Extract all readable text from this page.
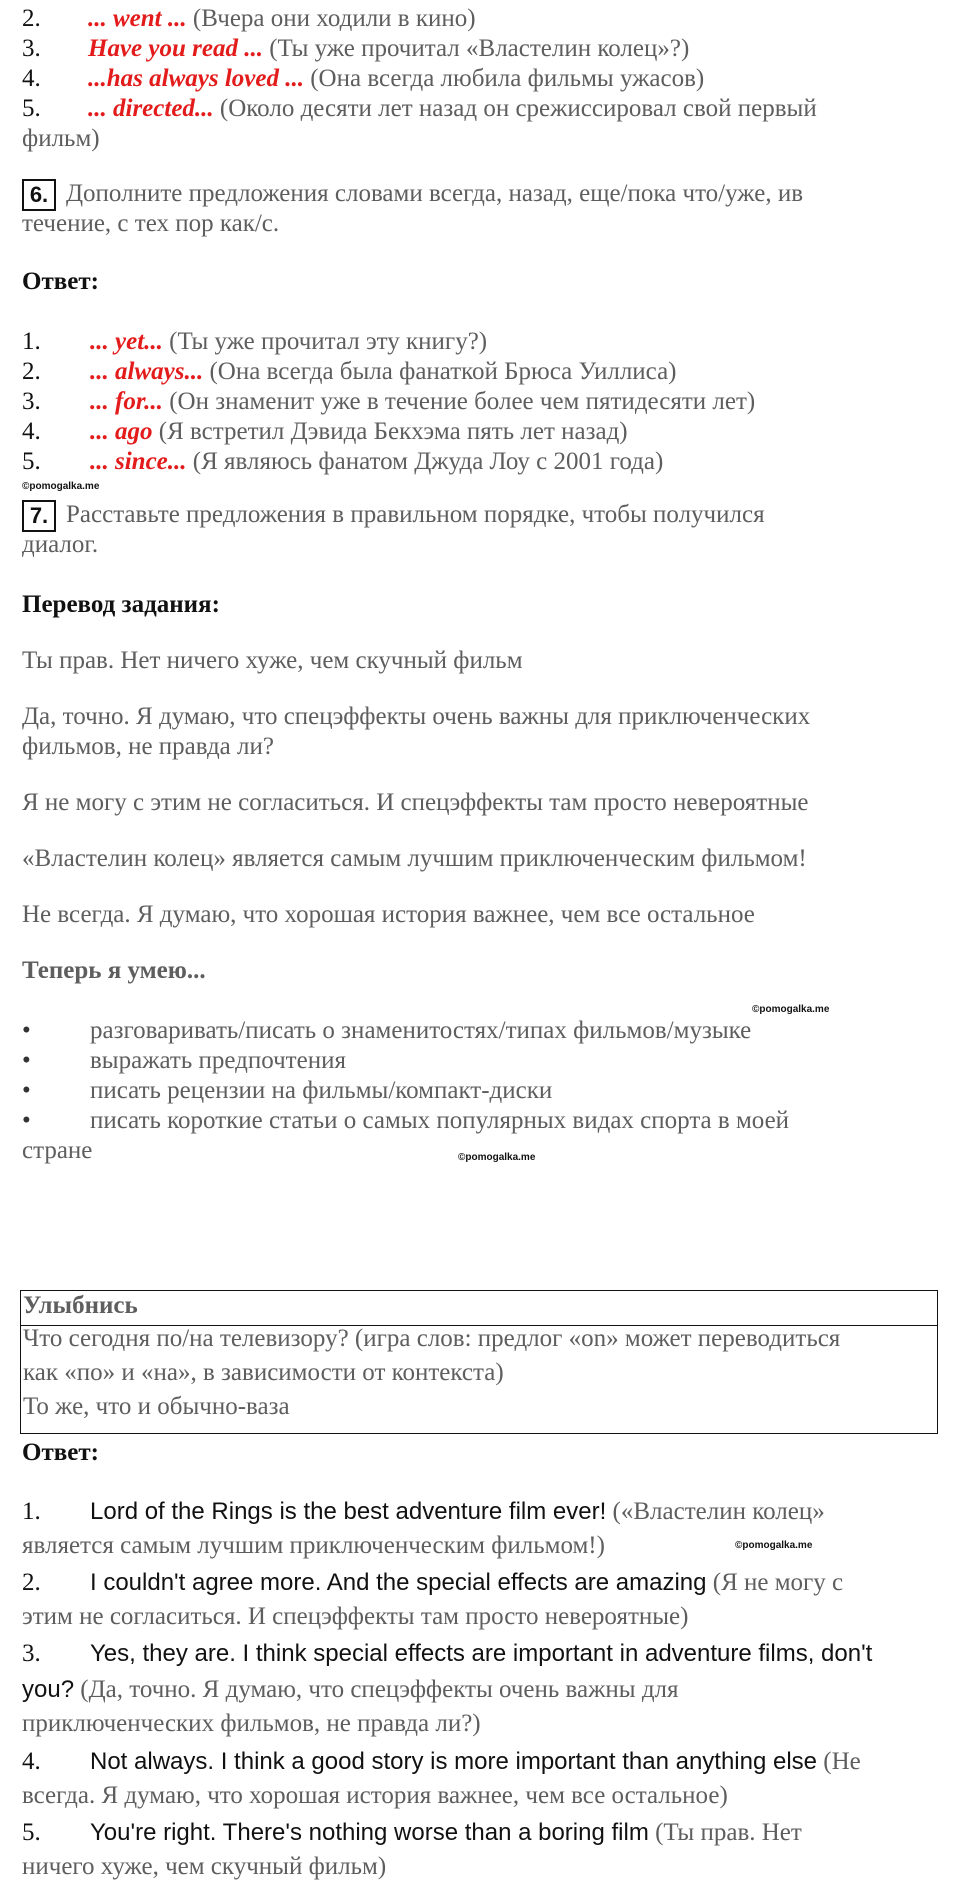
2. ... went ... (Вчера они ходили в кино)
3. Have you read ... (Ты уже прочитал «Властелин колец»?)
4. ...has always loved ... (Она всегда любила фильмы ужасов)
5. ... directed... (Около десяти лет назад он срежиссировал свой первый
фильм)
6. Дополните предложения словами всегда, назад, еще/пока что/уже, ив
течение, с тех пор как/с.
Ответ:
1. ... yet... (Ты уже прочитал эту книгу?)
2. ... always... (Она всегда была фанаткой Брюса Уиллиса)
3. ... for... (Он знаменит уже в течение более чем пятидесяти лет)
4. ... ago (Я встретил Дэвида Бекхэма пять лет назад)
5. ... since... (Я являюсь фанатом Джуда Лоу с 2001 года)
©pomogalka.me
7. Расставьте предложения в правильном порядке, чтобы получился
диалог.
Перевод задания:
Ты прав. Нет ничего хуже, чем скучный фильм
Да, точно. Я думаю, что спецэффекты очень важны для приключенческих
фильмов, не правда ли?
Я не могу с этим не согласиться. И спецэффекты там просто невероятные
«Властелин колец» является самым лучшим приключенческим фильмом!
Не всегда. Я думаю, что хорошая история важнее, чем все остальное
Теперь я умею...
©pomogalka.me
• разговаривать/писать о знаменитостях/типах фильмов/музыке
• выражать предпочтения
• писать рецензии на фильмы/компакт-диски
• писать короткие статьи о самых популярных видах спорта в моей
стране	©pomogalka.me
Улыбнись
Что сегодня по/на телевизору? (игра слов: предлог «on» может переводиться
как «по» и «на», в зависимости от контекста)
То же, что и обычно-ваза
Ответ:
1. Lord of the Rings is the best adventure film ever! («Властелин колец»
является самым лучшим приключенческим фильмом!)	©pomogalka.me
2. I couldn't agree more. And the special effects are amazing (Я не могу с
этим не согласиться. И спецэффекты там просто невероятные)
3. Yes, they are. I think special effects are important in adventure films, don't
you? (Да, точно. Я думаю, что спецэффекты очень важны для
приключенческих фильмов, не правда ли?)
4. Not always. I think a good story is more important than anything else (Не
всегда. Я думаю, что хорошая история важнее, чем все остальное)
5. You're right. There's nothing worse than a boring film (Ты прав. Нет
ничего хуже, чем скучный фильм)
